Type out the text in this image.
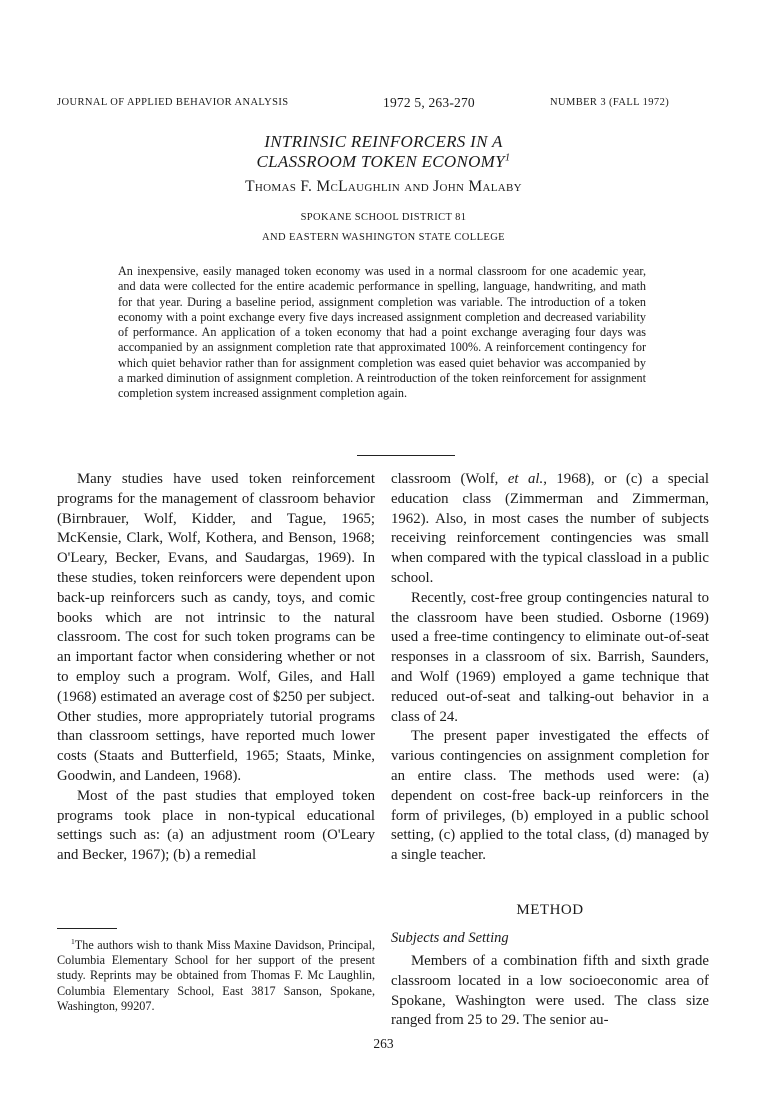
JOURNAL OF APPLIED BEHAVIOR ANALYSIS	1972 5, 263-270	NUMBER 3 (FALL 1972)
INTRINSIC REINFORCERS IN A
CLASSROOM TOKEN ECONOMY$^1$
Thomas F. McLaughlin and John Malaby
SPOKANE SCHOOL DISTRICT 81
AND EASTERN WASHINGTON STATE COLLEGE
An inexpensive, easily managed token economy was used in a normal classroom for one academic year, and data were collected for the entire academic performance in spelling, language, handwriting, and math for that year. During a baseline period, assignment completion was variable. The introduction of a token economy with a point exchange every five days increased assignment completion and decreased variability of performance. An application of a token economy that had a point exchange averaging four days was accompanied by an assignment completion rate that approximated 100%. A reinforcement contingency for which quiet behavior rather than for assignment completion was eased quiet behavior was accompanied by a marked diminution of assignment completion. A reintroduction of the token reinforcement for assignment completion system increased assignment completion again.

Many studies have used token reinforcement programs for the management of classroom behavior (Birnbrauer, Wolf, Kidder, and Tague, 1965; McKensie, Clark, Wolf, Kothera, and Benson, 1968; O'Leary, Becker, Evans, and Saudargas, 1969). In these studies, token reinforcers were dependent upon back-up reinforcers such as candy, toys, and comic books which are not intrinsic to the natural classroom. The cost for such token programs can be an important factor when considering whether or not to employ such a program. Wolf, Giles, and Hall (1968) estimated an average cost of $250 per subject. Other studies, more appropriately tutorial programs than classroom settings, have reported much lower costs (Staats and Butterfield, 1965; Staats, Minke, Goodwin, and Landeen, 1968).

Most of the past studies that employed token programs took place in non-typical educational settings such as: (a) an adjustment room (O'Leary and Becker, 1967); (b) a remedial

classroom (Wolf, et al., 1968), or (c) a special education class (Zimmerman and Zimmerman, 1962). Also, in most cases the number of subjects receiving reinforcement contingencies was small when compared with the typical classload in a public school.

Recently, cost-free group contingencies natural to the classroom have been studied. Osborne (1969) used a free-time contingency to eliminate out-of-seat responses in a classroom of six. Barrish, Saunders, and Wolf (1969) employed a game technique that reduced out-of-seat and talking-out behavior in a class of 24.

The present paper investigated the effects of various contingencies on assignment completion for an entire class. The methods used were: (a) dependent on cost-free back-up reinforcers in the form of privileges, (b) employed in a public school setting, (c) applied to the total class, (d) managed by a single teacher.

METHOD
Subjects and Setting

Members of a combination fifth and sixth grade classroom located in a low socioeconomic area of Spokane, Washington were used. The class size ranged from 25 to 29. The senior au-

$^1$The authors wish to thank Miss Maxine Davidson, Principal, Columbia Elementary School for her support of the present study. Reprints may be obtained from Thomas F. Mc Laughlin, Columbia Elementary School, East 3817 Sanson, Spokane, Washington, 99207.
263
